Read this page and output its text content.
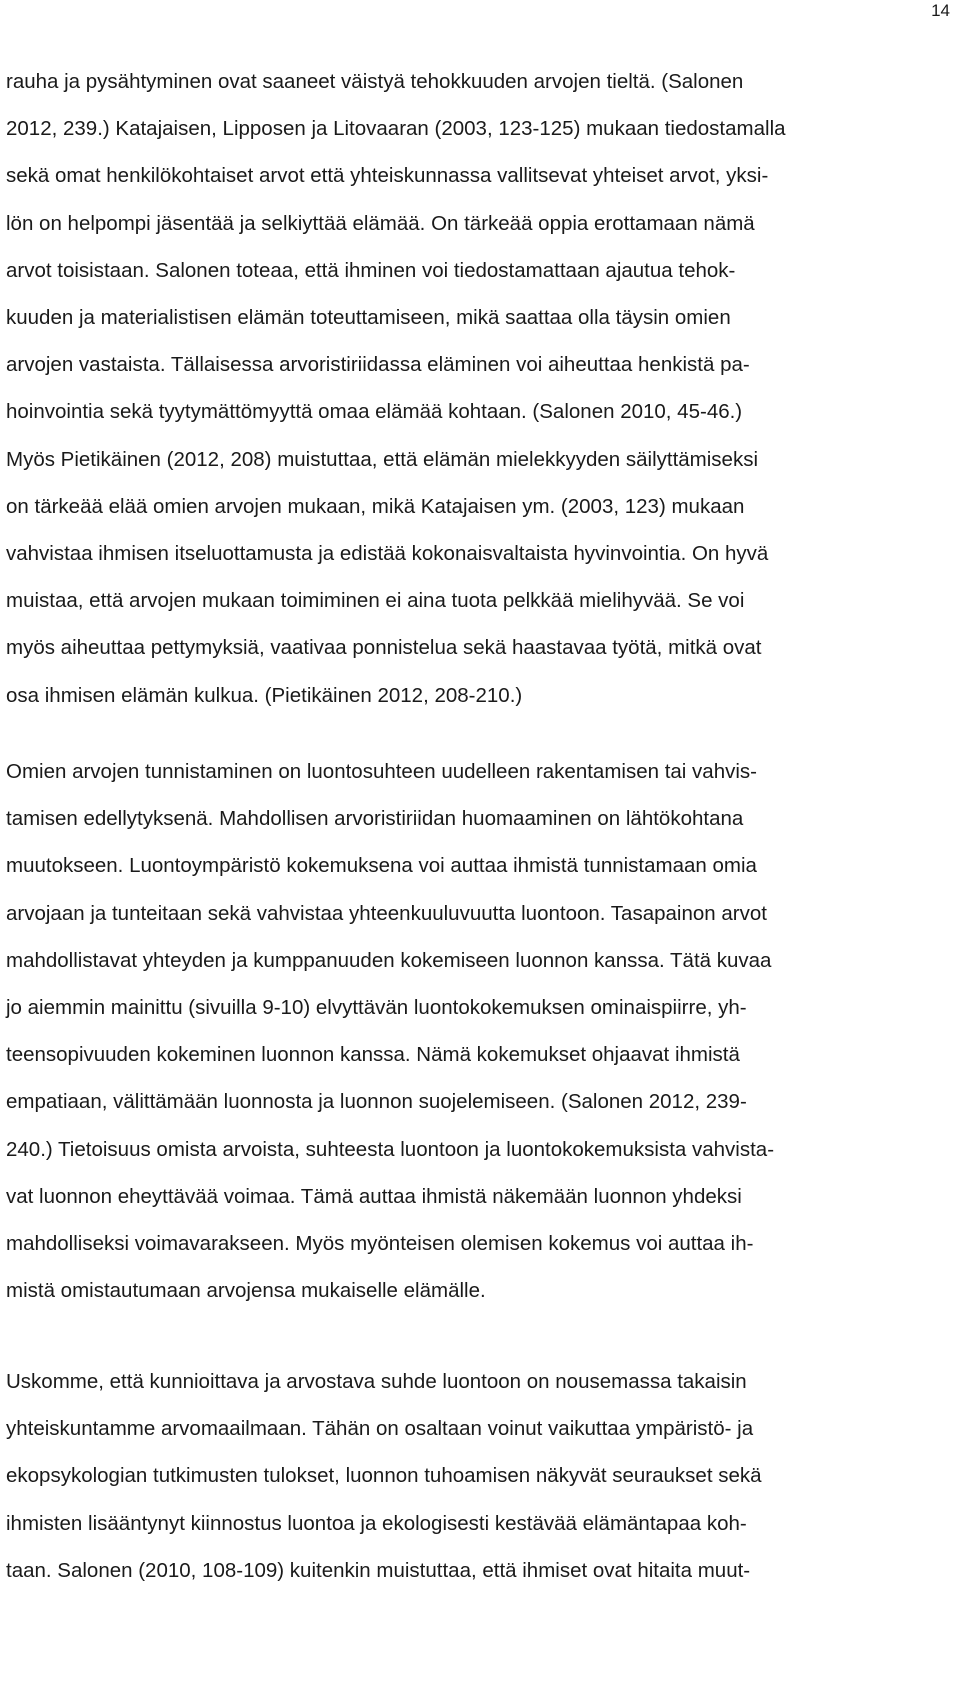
14
rauha ja pysähtyminen ovat saaneet väistyä tehokkuuden arvojen tieltä. (Salonen
2012, 239.) Katajaisen, Lipposen ja Litovaaran (2003, 123-125) mukaan tiedostamalla
sekä omat henkilökohtaiset arvot että yhteiskunnassa vallitsevat yhteiset arvot, yksi-
lön on helpompi jäsentää ja selkiyttää elämää. On tärkeää oppia erottamaan nämä
arvot toisistaan. Salonen toteaa, että ihminen voi tiedostamattaan ajautua tehok-
kuuden ja materialistisen elämän toteuttamiseen, mikä saattaa olla täysin omien
arvojen vastaista. Tällaisessa arvoristiriidassa eläminen voi aiheuttaa henkistä pa-
hoinvointia sekä tyytymättömyyttä omaa elämää kohtaan. (Salonen 2010, 45-46.)
Myös Pietikäinen (2012, 208) muistuttaa, että elämän mielekkyyden säilyttämiseksi
on tärkeää elää omien arvojen mukaan, mikä Katajaisen ym. (2003, 123) mukaan
vahvistaa ihmisen itseluottamusta ja edistää kokonaisvaltaista hyvinvointia. On hyvä
muistaa, että arvojen mukaan toimiminen ei aina tuota pelkkää mielihyvää. Se voi
myös aiheuttaa pettymyksiä, vaativaa ponnistelua sekä haastavaa työtä, mitkä ovat
osa ihmisen elämän kulkua. (Pietikäinen 2012, 208-210.)
Omien arvojen tunnistaminen on luontosuhteen uudelleen rakentamisen tai vahvis-
tamisen edellytyksenä. Mahdollisen arvoristiriidan huomaaminen on lähtökohtana
muutokseen. Luontoympäristö kokemuksena voi auttaa ihmistä tunnistamaan omia
arvojaan ja tunteitaan sekä vahvistaa yhteenkuuluvuutta luontoon. Tasapainon arvot
mahdollistavat yhteyden ja kumppanuuden kokemiseen luonnon kanssa. Tätä kuvaa
jo aiemmin mainittu (sivuilla 9-10) elvyttävän luontokokemuksen ominaispiirre, yh-
teensopivuuden kokeminen luonnon kanssa. Nämä kokemukset ohjaavat ihmistä
empatiaan, välittämään luonnosta ja luonnon suojelemiseen. (Salonen 2012, 239-
240.) Tietoisuus omista arvoista, suhteesta luontoon ja luontokokemuksista vahvista-
vat luonnon eheyttävää voimaa. Tämä auttaa ihmistä näkemään luonnon yhdeksi
mahdolliseksi voimavarakseen. Myös myönteisen olemisen kokemus voi auttaa ih-
mistä omistautumaan arvojensa mukaiselle elämälle.
Uskomme, että kunnioittava ja arvostava suhde luontoon on nousemassa takaisin
yhteiskuntamme arvomaailmaan. Tähän on osaltaan voinut vaikuttaa ympäristö- ja
ekopsykologian tutkimusten tulokset, luonnon tuhoamisen näkyvät seuraukset sekä
ihmisten lisääntynyt kiinnostus luontoa ja ekologisesti kestävää elämäntapaa koh-
taan. Salonen (2010, 108-109) kuitenkin muistuttaa, että ihmiset ovat hitaita muut-
